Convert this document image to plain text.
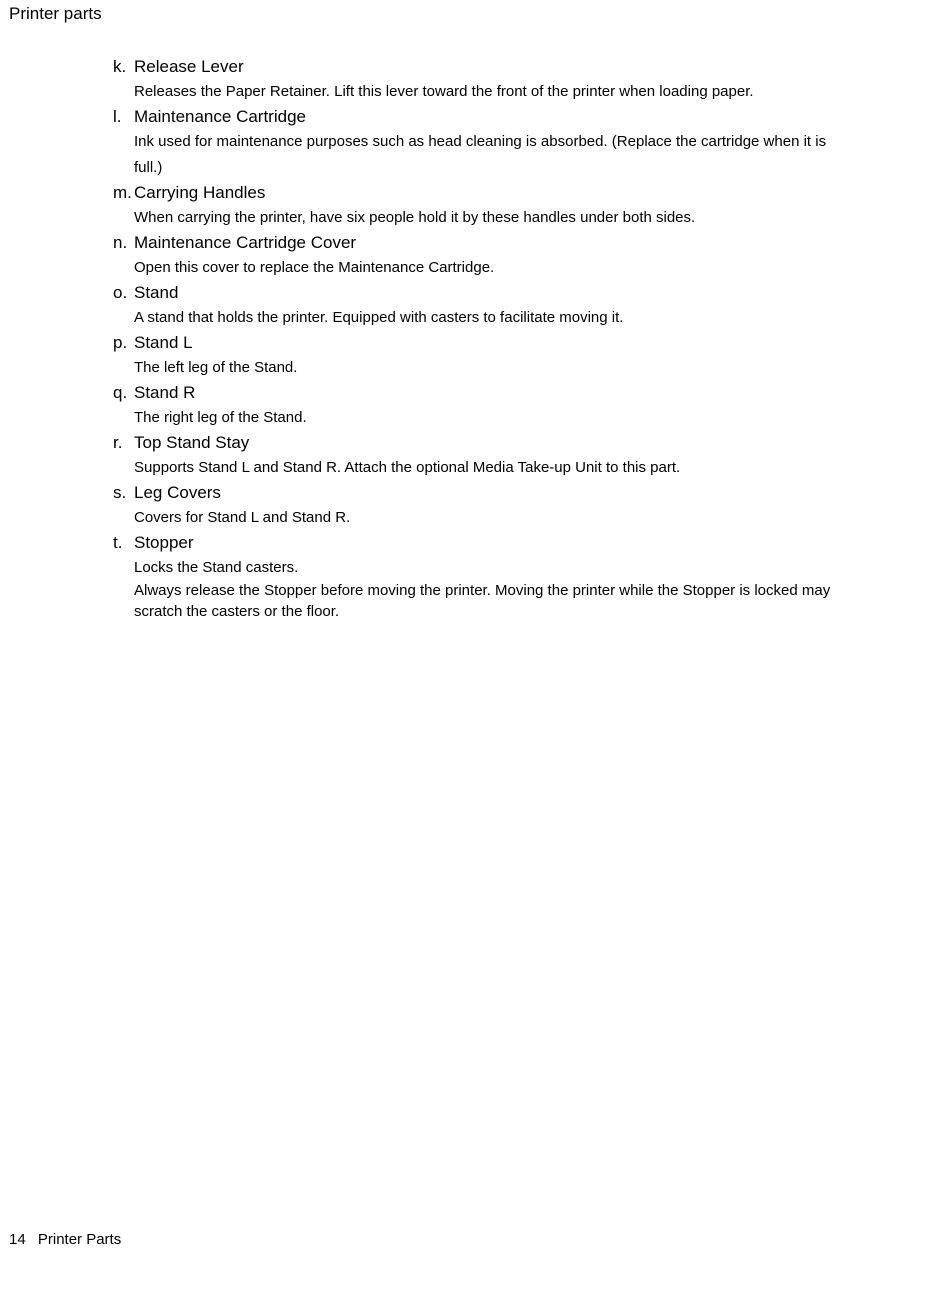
Printer parts
k. Release Lever
Releases the Paper Retainer. Lift this lever toward the front of the printer when loading paper.
l. Maintenance Cartridge
Ink used for maintenance purposes such as head cleaning is absorbed. (Replace the cartridge when it is full.)
m. Carrying Handles
When carrying the printer, have six people hold it by these handles under both sides.
n. Maintenance Cartridge Cover
Open this cover to replace the Maintenance Cartridge.
o. Stand
A stand that holds the printer. Equipped with casters to facilitate moving it.
p. Stand L
The left leg of the Stand.
q. Stand R
The right leg of the Stand.
r. Top Stand Stay
Supports Stand L and Stand R. Attach the optional Media Take-up Unit to this part.
s. Leg Covers
Covers for Stand L and Stand R.
t. Stopper
Locks the Stand casters.
Always release the Stopper before moving the printer. Moving the printer while the Stopper is locked may scratch the casters or the floor.
14 Printer Parts
